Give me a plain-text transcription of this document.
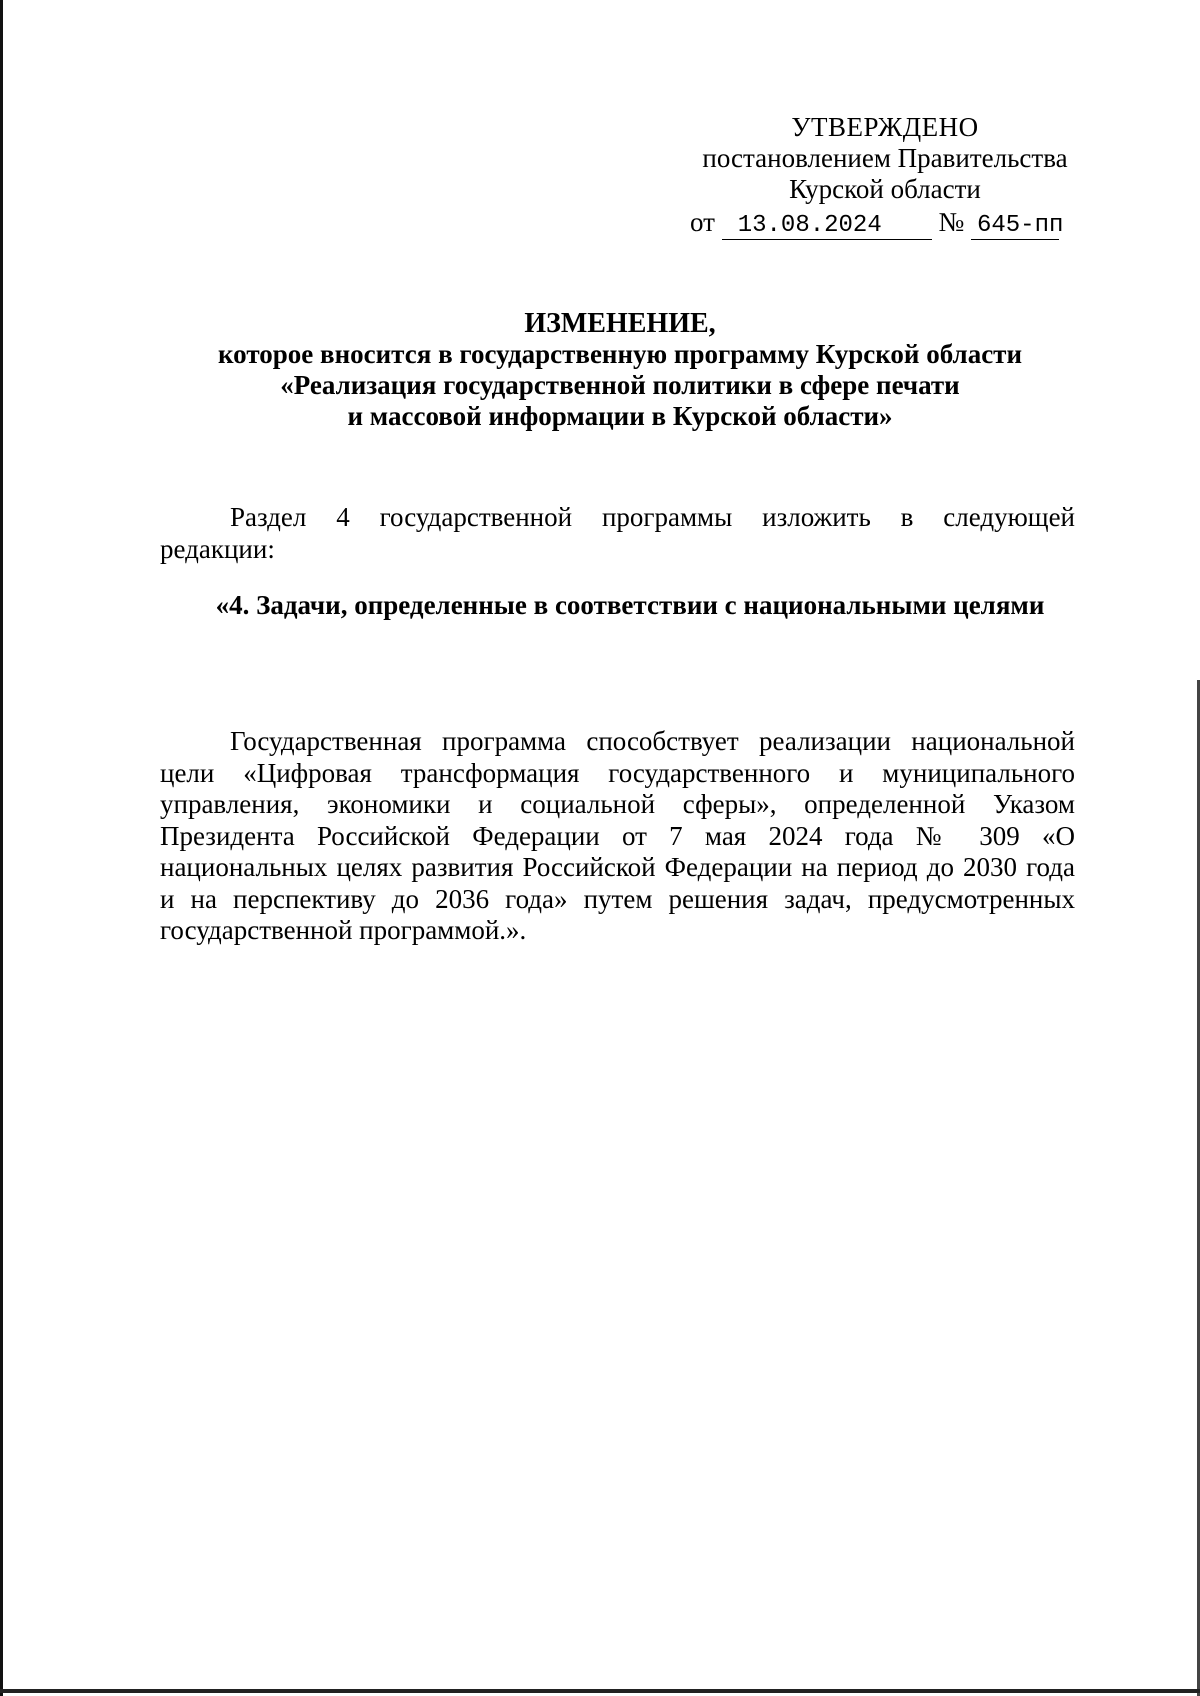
УТВЕРЖДЕНО
постановлением Правительства
Курской области
от 13.08.2024 № 645-пп
ИЗМЕНЕНИЕ,
которое вносится в государственную программу Курской области
«Реализация государственной политики в сфере печати
и массовой информации в Курской области»

Раздел 4 государственной программы изложить в следующей редакции:

«4. Задачи, определенные в соответствии с национальными целями

Государственная программа способствует реализации национальной цели «Цифровая трансформация государственного и муниципального управления, экономики и социальной сферы», определенной Указом Президента Российской Федерации от 7 мая 2024 года № 309 «О национальных целях развития Российской Федерации на период до 2030 года и на перспективу до 2036 года» путем решения задач, предусмотренных государственной программой.».
